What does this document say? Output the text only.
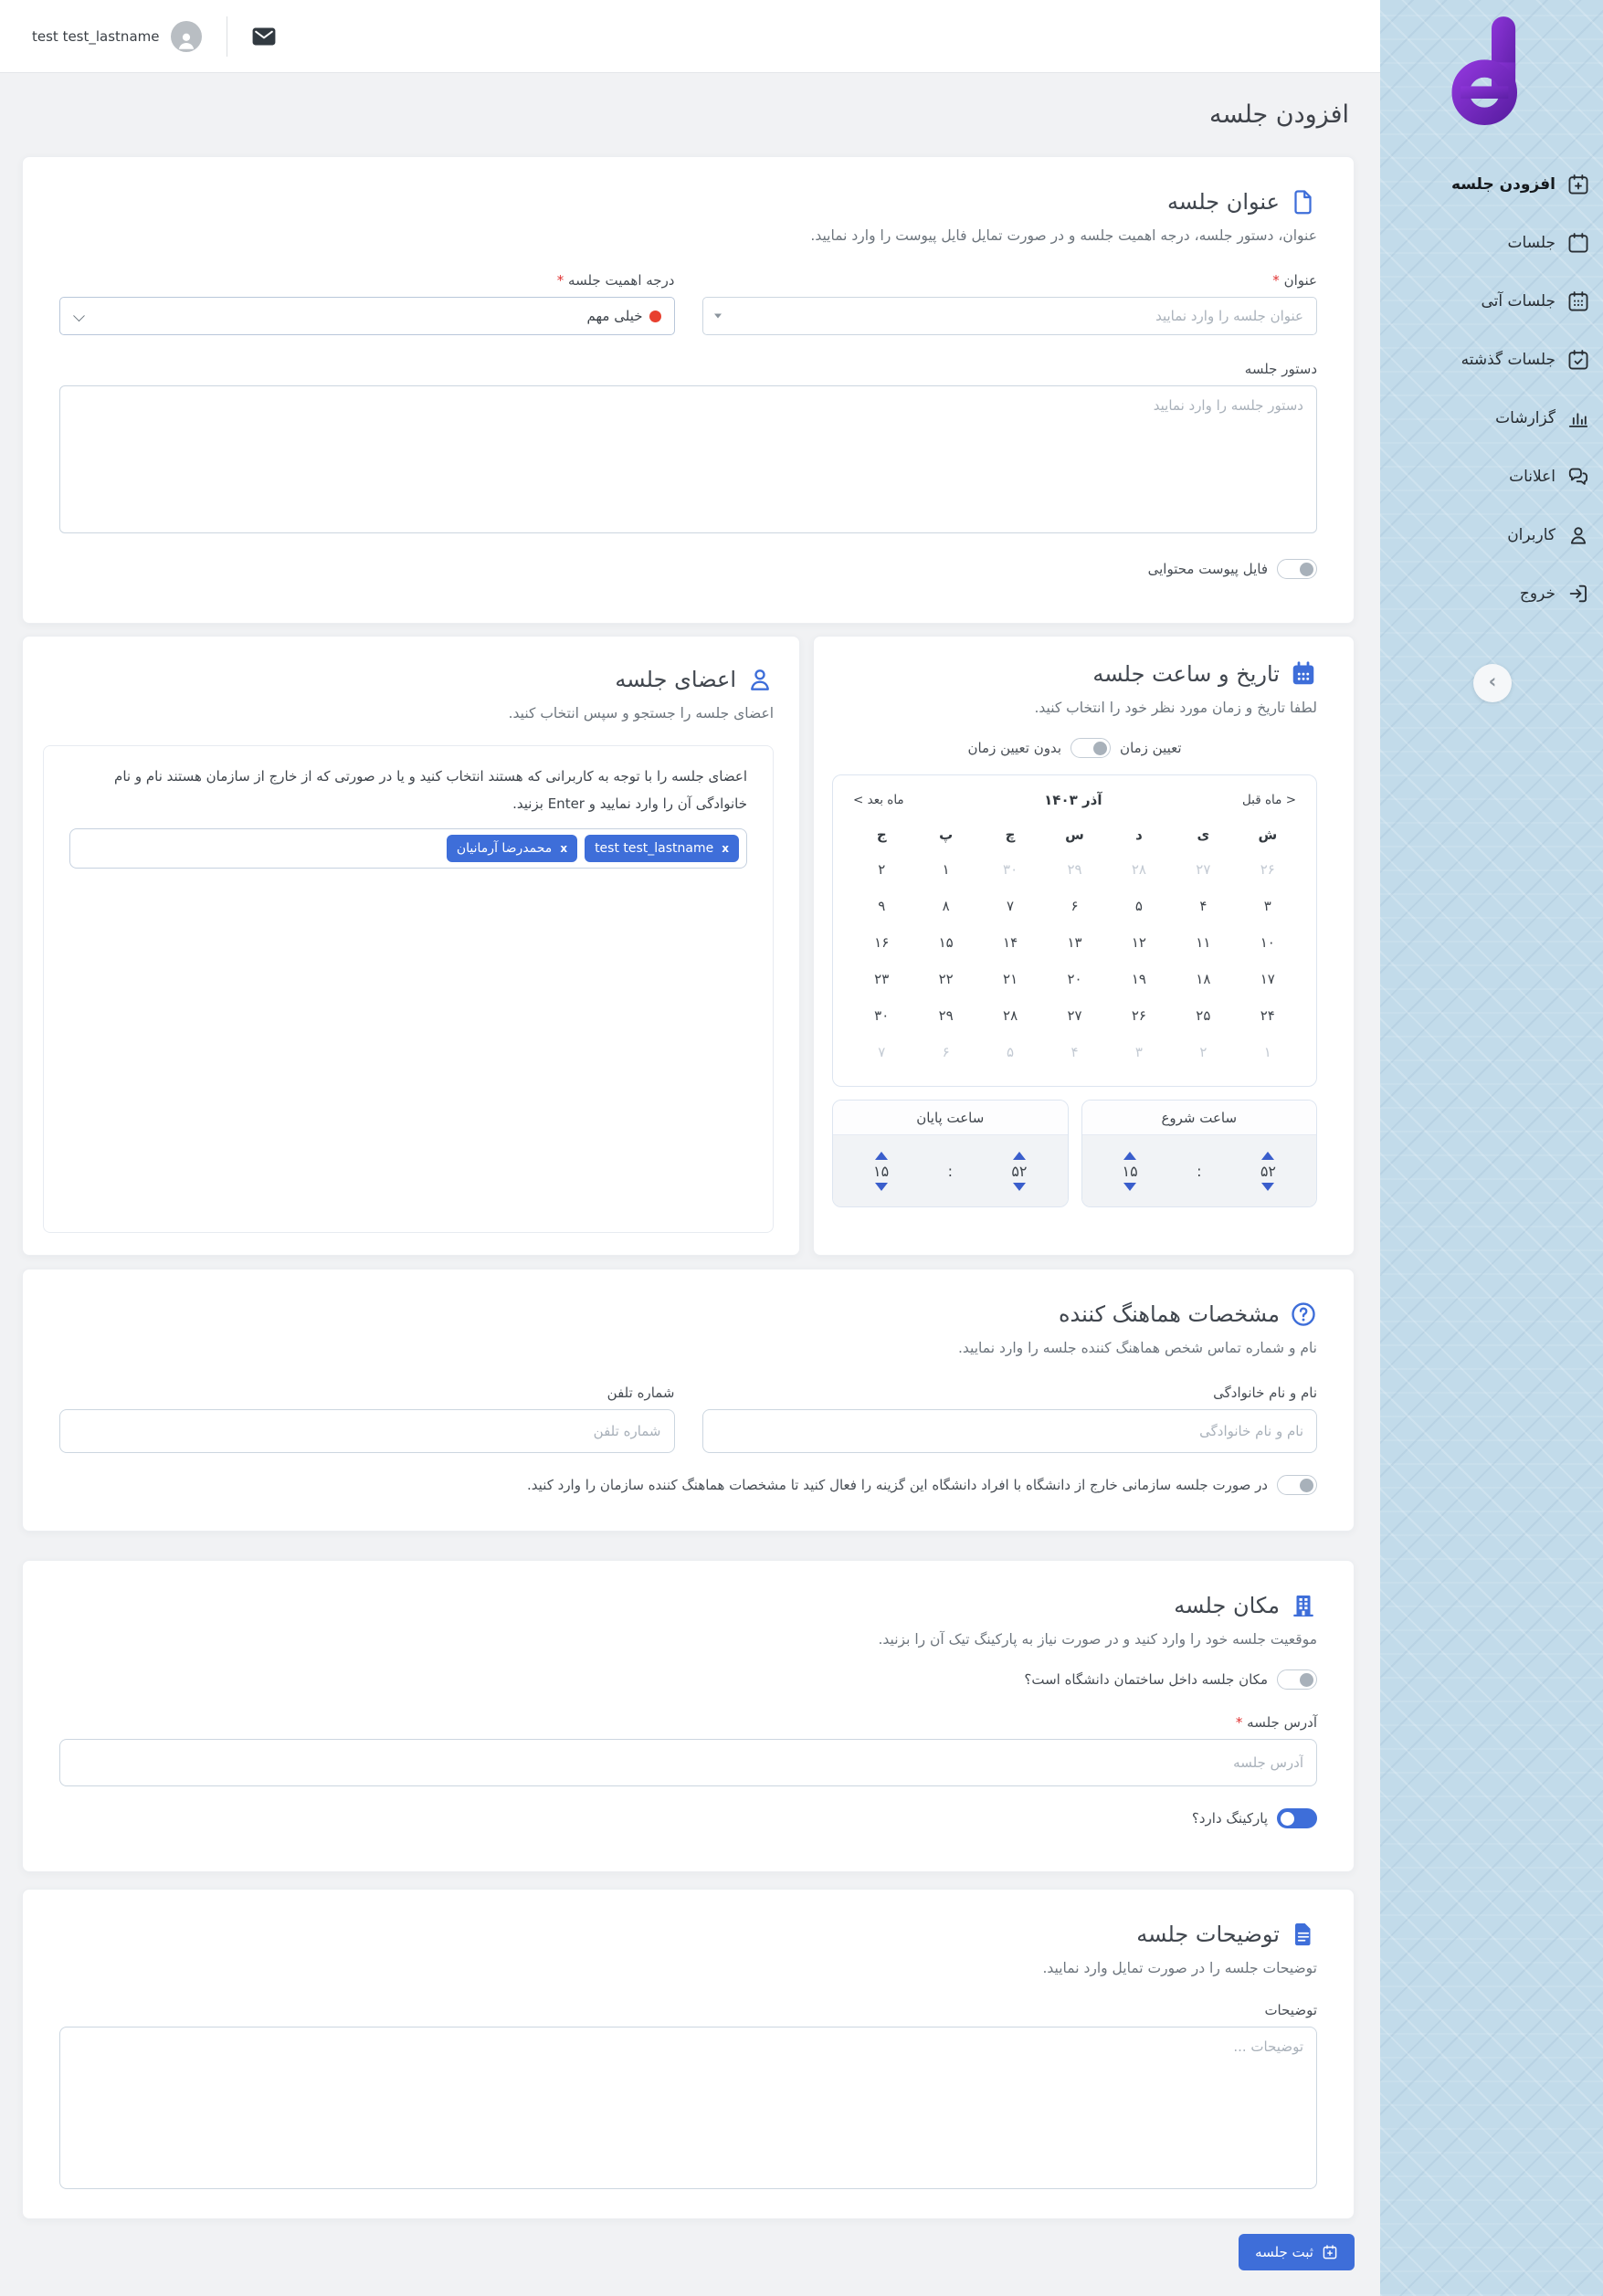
افزودن جلسه
جلسات
جلسات آتی
جلسات گذشته
گزارشات
اعلانات
کاربران
خروج
›
test test_lastname
افزودن جلسه
عنوان جلسه

عنوان، دستور جلسه، درجه اهمیت جلسه و در صورت تمایل فایل پیوست را وارد نمایید.

عنوان *
عنوان جلسه را وارد نمایید
درجه اهمیت جلسه *
خیلی مهم
دستور جلسه دستور جلسه را وارد نمایید
فایل پیوست محتوایی
تاریخ و ساعت جلسه

لطفا تاریخ و زمان مورد نظر خود را انتخاب کنید.

تعیین زمان
بدون تعیین زمان
< ماه قبل
آذر ۱۴۰۳
ماه بعد >
ش
ی
د
س
چ
پ
ج
۲۶
۲۷
۲۸
۲۹
۳۰
۱
۲
۳
۴
۵
۶
۷
۸
۹
۱۰
۱۱
۱۲
۱۳
۱۴
۱۵
۱۶
۱۷
۱۸
۱۹
۲۰
۲۱
۲۲
۲۳
۲۴
۲۵
۲۶
۲۷
۲۸
۲۹
۳۰
۱
۲
۳
۴
۵
۶
۷
ساعت شروع
۵۲
:
۱۵
ساعت پایان
۵۲
:
۱۵
اعضای جلسه

اعضای جلسه را جستجو و سپس انتخاب کنید.

اعضای جلسه را با توجه به کاربرانی که هستند انتخاب کنید و یا در صورتی که از خارج از سازمان هستند نام و نام خانوادگی آن را وارد نمایید و Enter بزنید.

x
test test_lastname
x
محمدرضا آرمانیان
مشخصات هماهنگ کننده

نام و شماره تماس شخص هماهنگ کننده جلسه را وارد نمایید.

نام و نام خانوادگی نام و نام خانوادگی
شماره تلفن شماره تلفن
در صورت جلسه سازمانی خارج از دانشگاه با افراد دانشگاه این گزینه را فعال کنید تا مشخصات هماهنگ کننده سازمان را وارد کنید.
مکان جلسه

موقعیت جلسه خود را وارد کنید و در صورت نیاز به پارکینگ تیک آن را بزنید.

مکان جلسه داخل ساختمان دانشگاه است؟
آدرس جلسه * آدرس جلسه
پارکینگ دارد؟
توضیحات جلسه

توضیحات جلسه را در صورت تمایل وارد نمایید.

توضیحات توضیحات ...
ثبت جلسه
